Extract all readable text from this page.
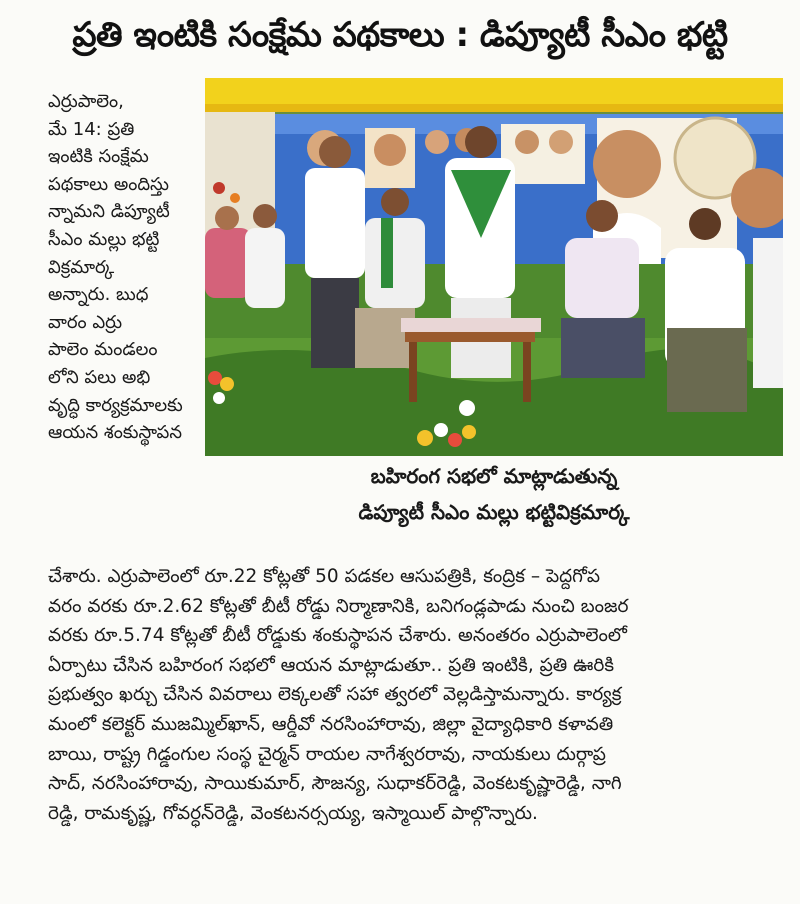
ప్రతి ఇంటికి సంక్షేమ పథకాలు : డిప్యూటీ సీఎం భట్టి
ఎర్రుపాలెం,
మే 14: ప్రతి
ఇంటికి సంక్షేమ
పథకాలు అందిస్తు
న్నామని డిప్యూటీ
సీఎం మల్లు భట్టి
విక్రమార్క
అన్నారు. బుధ
వారం ఎర్రు
పాలెం మండలం
లోని పలు అభి
వృద్ధి కార్యక్రమాలకు
ఆయన శంకుస్థాపన
బహిరంగ సభలో మాట్లాడుతున్న
డిప్యూటీ సీఎం మల్లు భట్టివిక్రమార్క
చేశారు. ఎర్రుపాలెంలో రూ.22 కోట్లతో 50 పడకల ఆసుపత్రికి, కంద్రిక – పెద్దగోప
వరం వరకు రూ.2.62 కోట్లతో బీటీ రోడ్డు నిర్మాణానికి, బనిగండ్లపాడు నుంచి బంజర
వరకు రూ.5.74 కోట్లతో బీటీ రోడ్డుకు శంకుస్థాపన చేశారు. అనంతరం ఎర్రుపాలెంలో
ఏర్పాటు చేసిన బహిరంగ సభలో ఆయన మాట్లాడుతూ.. ప్రతి ఇంటికి, ప్రతి ఊరికి
ప్రభుత్వం ఖర్చు చేసిన వివరాలు లెక్కలతో సహా త్వరలో వెల్లడిస్తామన్నారు. కార్యక్ర
మంలో కలెక్టర్ ముజమ్మిల్‌ఖాన్, ఆర్డీవో నరసింహారావు, జిల్లా వైద్యాధికారి కళావతి
బాయి, రాష్ట్ర గిడ్డంగుల సంస్థ చైర్మన్ రాయల నాగేశ్వరరావు, నాయకులు దుర్గాప్ర
సాద్, నరసింహారావు, సాయికుమార్, సౌజన్య, సుధాకర్‌రెడ్డి, వెంకటకృష్ణారెడ్డి, నాగి
రెడ్డి, రామకృష్ణ, గోవర్ధన్‌రెడ్డి, వెంకటనర్సయ్య, ఇస్మాయిల్ పాల్గొన్నారు.
